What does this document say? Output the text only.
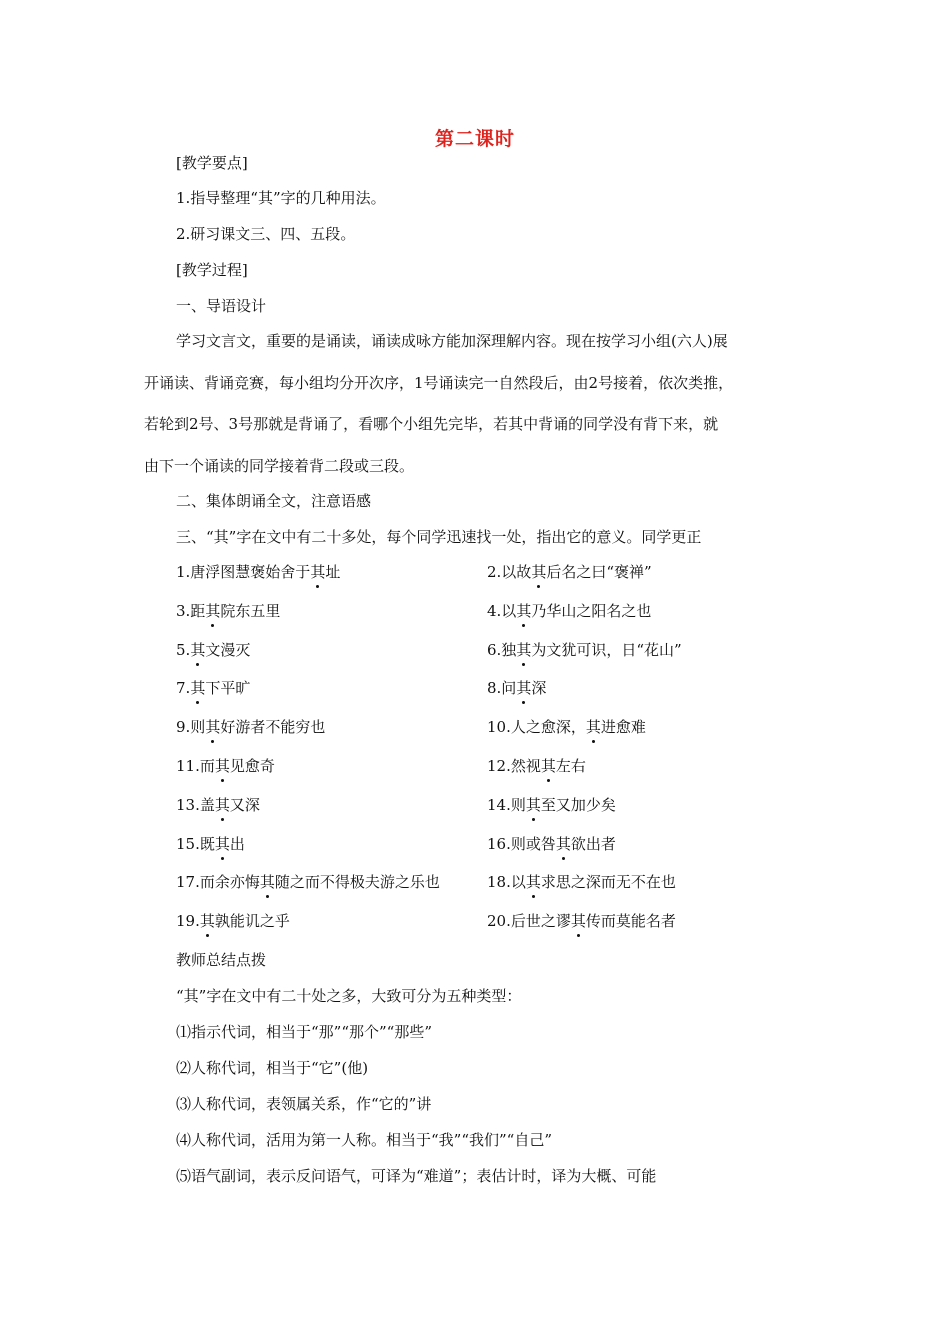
第二课时
[教学要点]
1.指导整理“其”字的几种用法。
2.研习课文三、四、五段。
[教学过程]
一、导语设计
学习文言文，重要的是诵读，诵读成咏方能加深理解内容。现在按学习小组(六人)展
开诵读、背诵竞赛，每小组均分开次序，1号诵读完一自然段后，由2号接着，依次类推，
若轮到2号、3号那就是背诵了，看哪个小组先完毕，若其中背诵的同学没有背下来，就
由下一个诵读的同学接着背二段或三段。
二、集体朗诵全文，注意语感
三、“其”字在文中有二十多处，每个同学迅速找一处，指出它的意义。同学更正
1.唐浮图慧褒始舍于其址	2.以故其后名之曰“褒禅”
3.距其院东五里	4.以其乃华山之阳名之也
5.其文漫灭	6.独其为文犹可识，日“花山”
7.其下平旷	8.问其深
9.则其好游者不能穷也	10.人之愈深，其进愈难
11.而其见愈奇	12.然视其左右
13.盖其又深	14.则其至又加少矣
15.既其出	16.则或咎其欲出者
17.而余亦悔其随之而不得极夫游之乐也	18.以其求思之深而无不在也
19.其孰能讥之乎	20.后世之谬其传而莫能名者
教师总结点拨
“其”字在文中有二十处之多，大致可分为五种类型：
⑴指示代词，相当于“那”“那个”“那些”
⑵人称代词，相当于“它”(他)
⑶人称代词，表领属关系，作“它的”讲
⑷人称代词，活用为第一人称。相当于“我”“我们”“自己”
⑸语气副词，表示反问语气，可译为“难道”；表估计时，译为大概、可能
